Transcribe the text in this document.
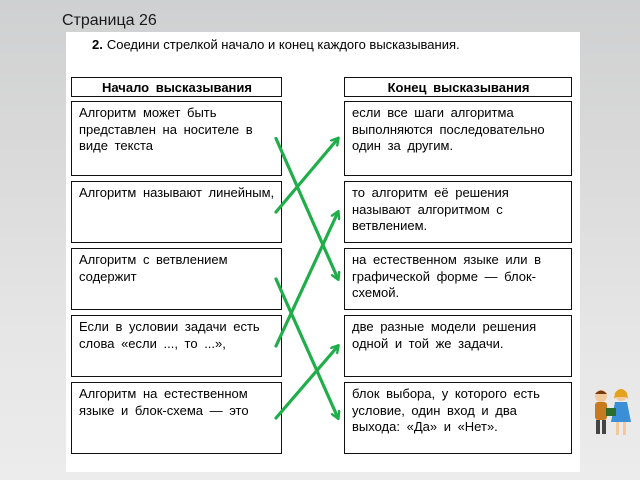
Страница 26
2. Соедини стрелкой начало и конец каждого высказывания.
Начало высказывания	Конец высказывания
Алгоритм может быть представлен на носителе в виде текста
Алгоритм называют линейным,
Алгоритм с ветвлением содержит
Если в условии задачи есть слова «если ..., то ...»,
Алгоритм на естественном языке и блок-схема — это
если все шаги алгоритма выполняются последовательно один за другим.
то алгоритм её решения называют алгоритмом с ветвлением.
на естественном языке или в графической форме — блок-схемой.
две разные модели решения одной и той же задачи.
блок выбора, у которого есть условие, один вход и два выхода: «Да» и «Нет».
